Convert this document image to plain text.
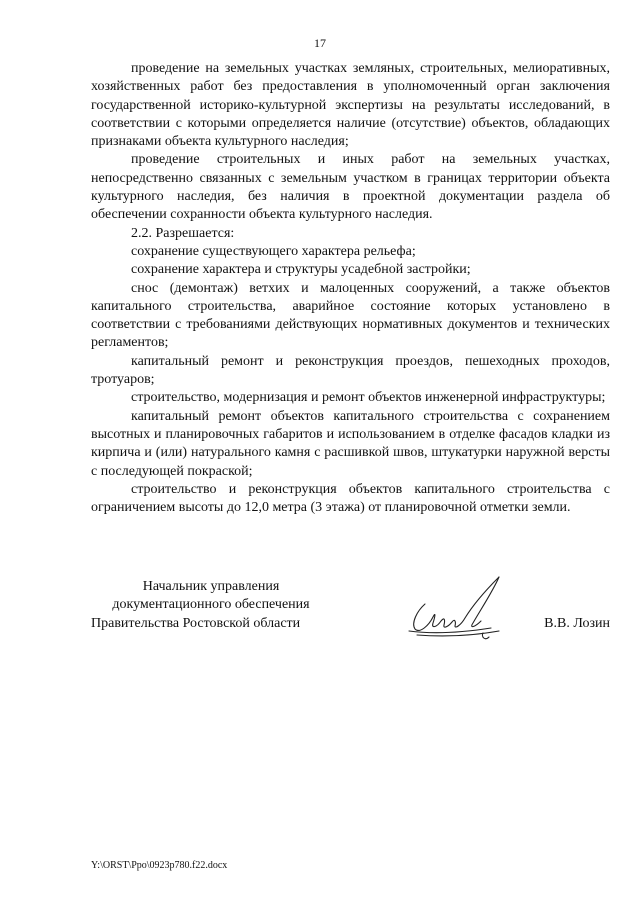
17

проведение на земельных участках земляных, строительных, мелиоративных, хозяйственных работ без предоставления в уполномоченный орган заключения государственной историко-культурной экспертизы на результаты исследований, в соответствии с которыми определяется наличие (отсутствие) объектов, обладающих признаками объекта культурного наследия;

проведение строительных и иных работ на земельных участках, непосредственно связанных с земельным участком в границах территории объекта культурного наследия, без наличия в проектной документации раздела об обеспечении сохранности объекта культурного наследия.

2.2. Разрешается:

сохранение существующего характера рельефа;

сохранение характера и структуры усадебной застройки;

снос (демонтаж) ветхих и малоценных сооружений, а также объектов капитального строительства, аварийное состояние которых установлено в соответствии с требованиями действующих нормативных документов и технических регламентов;

капитальный ремонт и реконструкция проездов, пешеходных проходов, тротуаров;

строительство, модернизация и ремонт объектов инженерной инфраструктуры;

капитальный ремонт объектов капитального строительства с сохранением высотных и планировочных габаритов и использованием в отделке фасадов кладки из кирпича и (или) натурального камня с расшивкой швов, штукатурки наружной версты с последующей покраской;

строительство и реконструкция объектов капитального строительства с ограничением высоты до 12,0 метра (3 этажа) от планировочной отметки земли.

Начальник управления
документационного обеспечения
Правительства Ростовской области	В.В. Лозин
Y:\ORST\Ppo\0923p780.f22.docx
